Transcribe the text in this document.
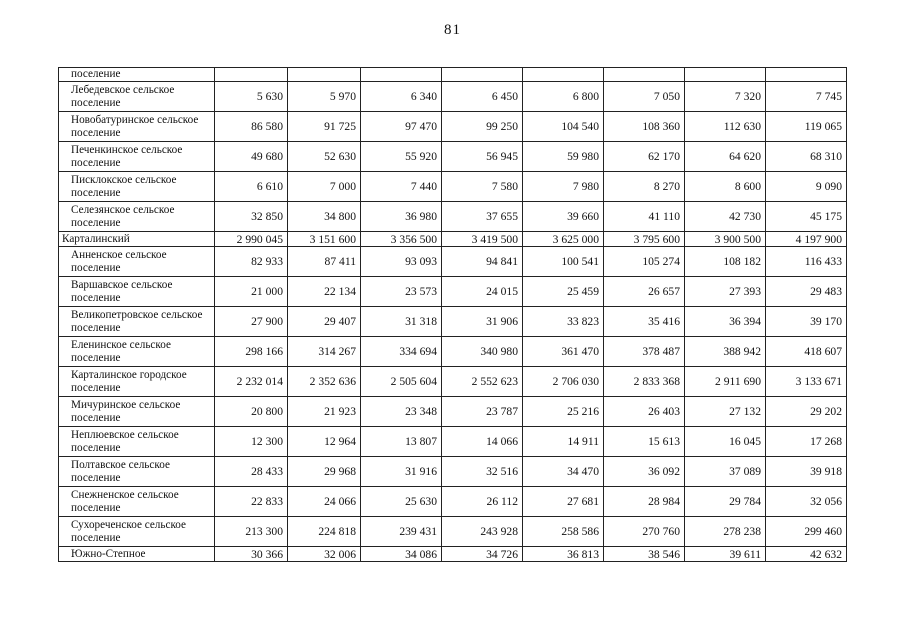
81
поселение								
Лебедевское сельское поселение	5 630	5 970	6 340	6 450	6 800	7 050	7 320	7 745
Новобатуринское сельское поселение	86 580	91 725	97 470	99 250	104 540	108 360	112 630	119 065
Печенкинское сельское поселение	49 680	52 630	55 920	56 945	59 980	62 170	64 620	68 310
Писклокское сельское поселение	6 610	7 000	7 440	7 580	7 980	8 270	8 600	9 090
Селезянское сельское поселение	32 850	34 800	36 980	37 655	39 660	41 110	42 730	45 175
Карталинский	2 990 045	3 151 600	3 356 500	3 419 500	3 625 000	3 795 600	3 900 500	4 197 900
Анненское сельское поселение	82 933	87 411	93 093	94 841	100 541	105 274	108 182	116 433
Варшавское сельское поселение	21 000	22 134	23 573	24 015	25 459	26 657	27 393	29 483
Великопетровское сельское поселение	27 900	29 407	31 318	31 906	33 823	35 416	36 394	39 170
Еленинское сельское поселение	298 166	314 267	334 694	340 980	361 470	378 487	388 942	418 607
Карталинское городское поселение	2 232 014	2 352 636	2 505 604	2 552 623	2 706 030	2 833 368	2 911 690	3 133 671
Мичуринское сельское поселение	20 800	21 923	23 348	23 787	25 216	26 403	27 132	29 202
Неплюевское сельское поселение	12 300	12 964	13 807	14 066	14 911	15 613	16 045	17 268
Полтавское сельское поселение	28 433	29 968	31 916	32 516	34 470	36 092	37 089	39 918
Снежненское сельское поселение	22 833	24 066	25 630	26 112	27 681	28 984	29 784	32 056
Сухореченское сельское поселение	213 300	224 818	239 431	243 928	258 586	270 760	278 238	299 460
Южно-Степное	30 366	32 006	34 086	34 726	36 813	38 546	39 611	42 632
